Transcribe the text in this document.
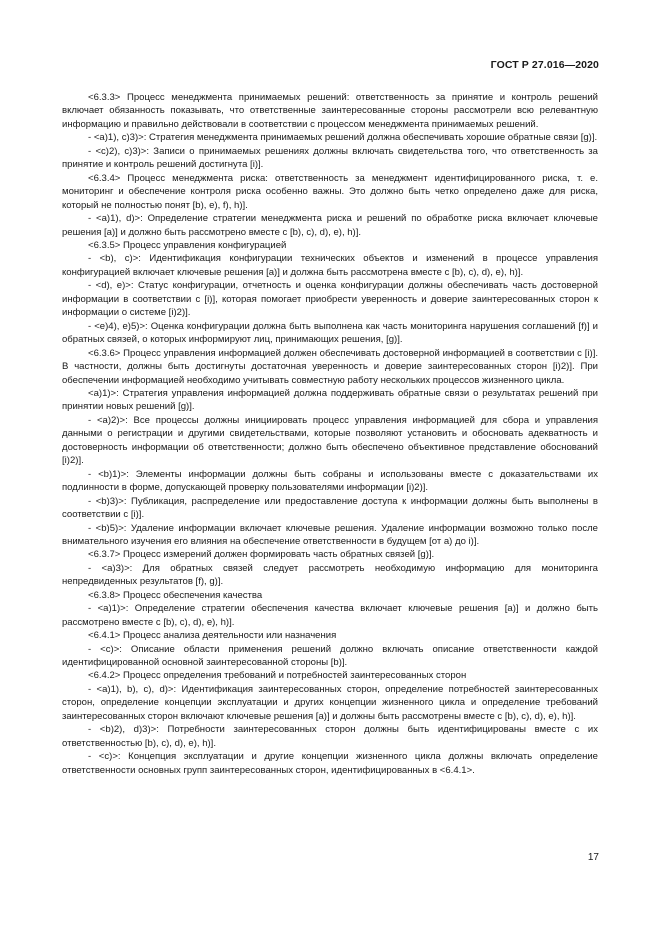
ГОСТ Р 27.016—2020

<6.3.3> Процесс менеджмента принимаемых решений: ответственность за принятие и контроль решений включает обязанность показывать, что ответственные заинтересованные стороны рассмотрели всю релевантную информацию и правильно действовали в соответствии с процессом менеджмента принимаемых решений.

- <a)1), c)3)>: Стратегия менеджмента принимаемых решений должна обеспечивать хорошие обратные связи [g)].

- <c)2), c)3)>: Записи о принимаемых решениях должны включать свидетельства того, что ответственность за принятие и контроль решений достигнута [i)].

<6.3.4> Процесс менеджмента риска: ответственность за менеджмент идентифицированного риска, т. е. мониторинг и обеспечение контроля риска особенно важны. Это должно быть четко определено даже для риска, который не полностью понят [b), e), f), h)].

- <a)1), d)>: Определение стратегии менеджмента риска и решений по обработке риска включает ключевые решения [a)] и должно быть рассмотрено вместе с [b), c), d), e), h)].

<6.3.5> Процесс управления конфигурацией

- <b), c)>: Идентификация конфигурации технических объектов и изменений в процессе управления конфигурацией включает ключевые решения [a)] и должна быть рассмотрена вместе с [b), c), d), e), h)].

- <d), e)>: Статус конфигурации, отчетность и оценка конфигурации должны обеспечивать часть достоверной информации в соответствии с [i)], которая помогает приобрести уверенность и доверие заинтересованных сторон к информации о системе [i)2)].

- <e)4), e)5)>: Оценка конфигурации должна быть выполнена как часть мониторинга нарушения соглашений [f)] и обратных связей, о которых информируют лиц, принимающих решения, [g)].

<6.3.6> Процесс управления информацией должен обеспечивать достоверной информацией в соответствии с [i)]. В частности, должны быть достигнуты достаточная уверенность и доверие заинтересованных сторон [i)2)]. При обеспечении информацией необходимо учитывать совместную работу нескольких процессов жизненного цикла.

<a)1)>: Стратегия управления информацией должна поддерживать обратные связи о результатах решений при принятии новых решений [g)].

- <a)2)>: Все процессы должны инициировать процесс управления информацией для сбора и управления данными о регистрации и другими свидетельствами, которые позволяют установить и обосновать адекватность и достоверность информации об ответственности; должно быть обеспечено объективное представление обоснований [i)2)].

- <b)1)>: Элементы информации должны быть собраны и использованы вместе с доказательствами их подлинности в форме, допускающей проверку пользователями информации [i)2)].

- <b)3)>: Публикация, распределение или предоставление доступа к информации должны быть выполнены в соответствии с [i)].

- <b)5)>: Удаление информации включает ключевые решения. Удаление информации возможно только после внимательного изучения его влияния на обеспечение ответственности в будущем [от a) до i)].

<6.3.7> Процесс измерений должен формировать часть обратных связей [g)].

- <a)3)>: Для обратных связей следует рассмотреть необходимую информацию для мониторинга непредвиденных результатов [f), g)].

<6.3.8> Процесс обеспечения качества

- <a)1)>: Определение стратегии обеспечения качества включает ключевые решения [a)] и должно быть рассмотрено вместе с [b), c), d), e), h)].

<6.4.1> Процесс анализа деятельности или назначения

- <c)>: Описание области применения решений должно включать описание ответственности каждой идентифицированной основной заинтересованной стороны [b)].

<6.4.2> Процесс определения требований и потребностей заинтересованных сторон

- <a)1), b), c), d)>: Идентификация заинтересованных сторон, определение потребностей заинтересованных сторон, определение концепции эксплуатации и других концепции жизненного цикла и определение требований заинтересованных сторон включают ключевые решения [a)] и должны быть рассмотрены вместе с [b), c), d), e), h)].

- <b)2), d)3)>: Потребности заинтересованных сторон должны быть идентифицированы вместе с их ответственностью [b), c), d), e), h)].

- <c)>: Концепция эксплуатации и другие концепции жизненного цикла должны включать определение ответственности основных групп заинтересованных сторон, идентифицированных в <6.4.1>.

17
